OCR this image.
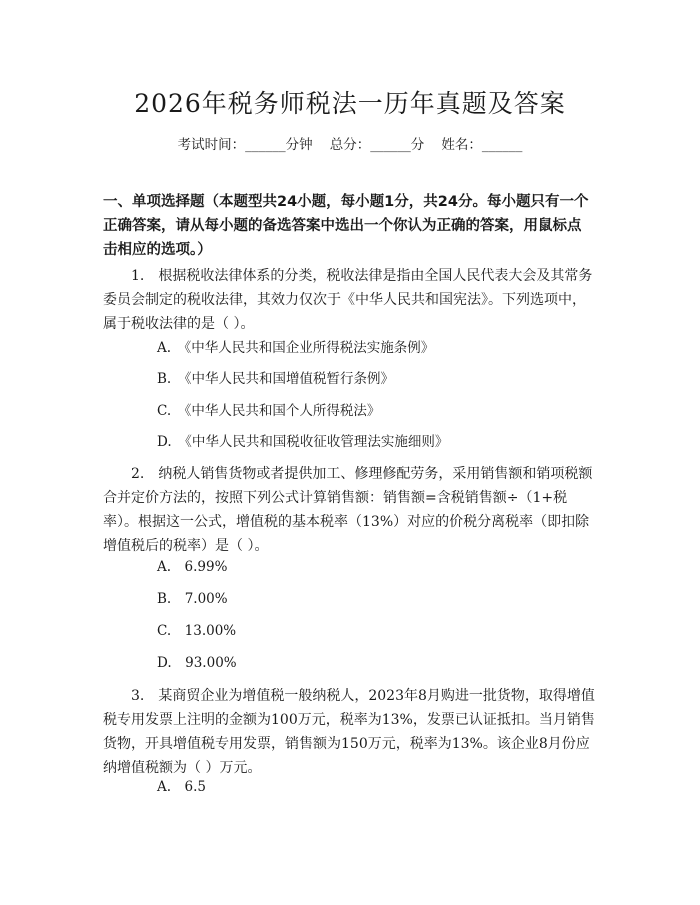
2026年税务师税法一历年真题及答案
考试时间：______分钟    总分：______分    姓名：______
一、单项选择题（本题型共24小题，每小题1分，共24分。每小题只有一个正确答案，请从每小题的备选答案中选出一个你认为正确的答案，用鼠标点击相应的选项。）
1.　根据税收法律体系的分类，税收法律是指由全国人民代表大会及其常务委员会制定的税收法律，其效力仅次于《中华人民共和国宪法》。下列选项中，属于税收法律的是（ ）。
A.　《中华人民共和国企业所得税法实施条例》
B.　《中华人民共和国增值税暂行条例》
C.　《中华人民共和国个人所得税法》
D.　《中华人民共和国税收征收管理法实施细则》
2.　纳税人销售货物或者提供加工、修理修配劳务，采用销售额和销项税额合并定价方法的，按照下列公式计算销售额：销售额=含税销售额÷（1+税率）。根据这一公式，增值税的基本税率（13%）对应的价税分离税率（即扣除增值税后的税率）是（ ）。
A.　6.99%
B.　7.00%
C.　13.00%
D.　93.00%
3.　某商贸企业为增值税一般纳税人，2023年8月购进一批货物，取得增值税专用发票上注明的金额为100万元，税率为13%，发票已认证抵扣。当月销售货物，开具增值税专用发票，销售额为150万元，税率为13%。该企业8月份应纳增值税额为（ ）万元。
A.　6.5
